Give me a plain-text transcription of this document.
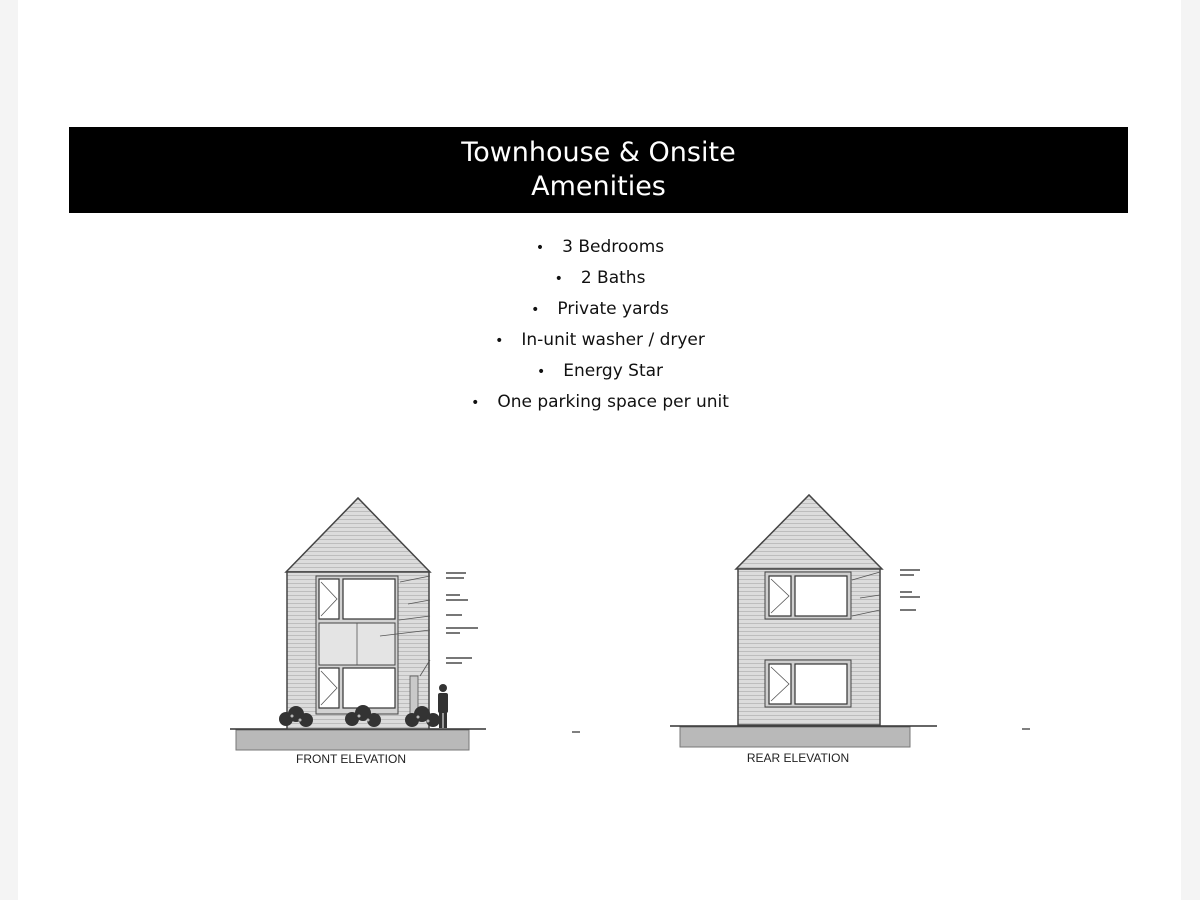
Townhouse & Onsite
Amenities
• 3 Bedrooms
• 2 Baths
• Private yards
• In-unit washer / dryer
• Energy Star
• One parking space per unit
FRONT ELEVATION	REAR ELEVATION
